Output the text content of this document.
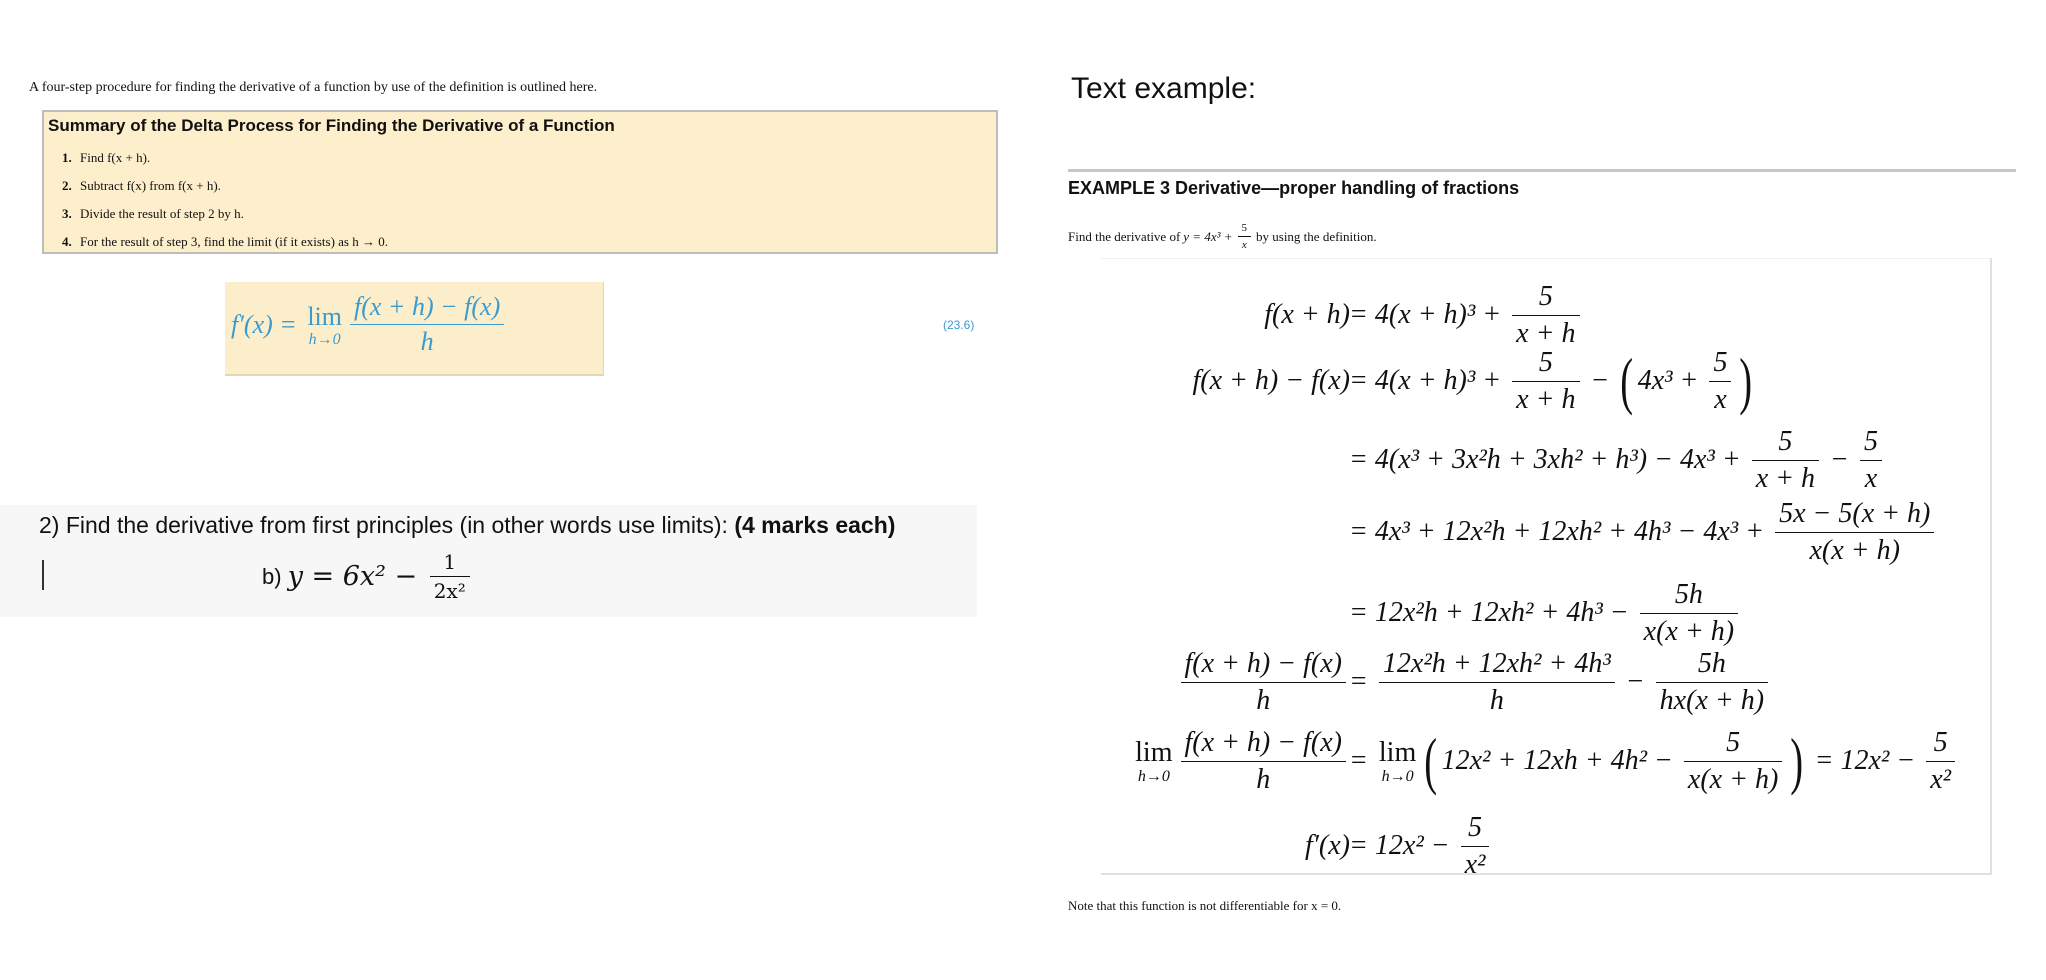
A four-step procedure for finding the derivative of a function by use of the definition is outlined here.
Summary of the Delta Process for Finding the Derivative of a Function
1. Find f(x + h).
2. Subtract f(x) from f(x + h).
3. Divide the result of step 2 by h.
4. For the result of step 3, find the limit (if it exists) as h → 0.
f′(x) = lim
$h\to 0 \frac{f(x + h) - f(x)}{h}$	(23.6)
2) Find the derivative from first principles (in other words use limits): (4 marks each)
b) $y = 6x^2 - \frac{1}{\text{2x²}}$
Text example:
EXAMPLE 3 Derivative—proper handling of fractions
Find the derivative of $y = 4x^3 + \frac{5}{x}$ by using the definition.
$f(x + h) = 4(x + h)^3 + \frac{5}{x + h}$
$f(x + h) - f(x) = 4(x + h)^3 + \frac{5}{x + h}$ − ( $4x^3 + \frac{5}{x}$ )
= $4(x^3 + 3x^2h + 3xh^2 + h^3) - 4x^3 + \frac{5}{x + h} - \frac{5}{x}$
= $4x^3 + 12x^2h + 12xh^2 + 4h^3 - 4x^3 + \frac{5x - 5(x + h)}{x(x + h)}$
= $12x^2h + 12xh^2 + 4h^3 - \frac{5h}{x(x + h)}$
$\frac{f(x + h) - f(x)}{h} = \frac{\text{12x²h + 12xh² + 4h³}}{h} - \frac{5h}{hx(x + h)}$
lim
$h\to 0 \frac{f(x + h) - f(x)}{h} = \lim$
h→0 ( $12x^2 + 12xh + 4h^2 - \frac{5}{x(x + h)}$ ) = $12x^2 - \frac{5}{\text{x²}}$
$f'(x) = 12x^2 - \frac{5}{\text{x²}}$
Note that this function is not differentiable for x = 0.
